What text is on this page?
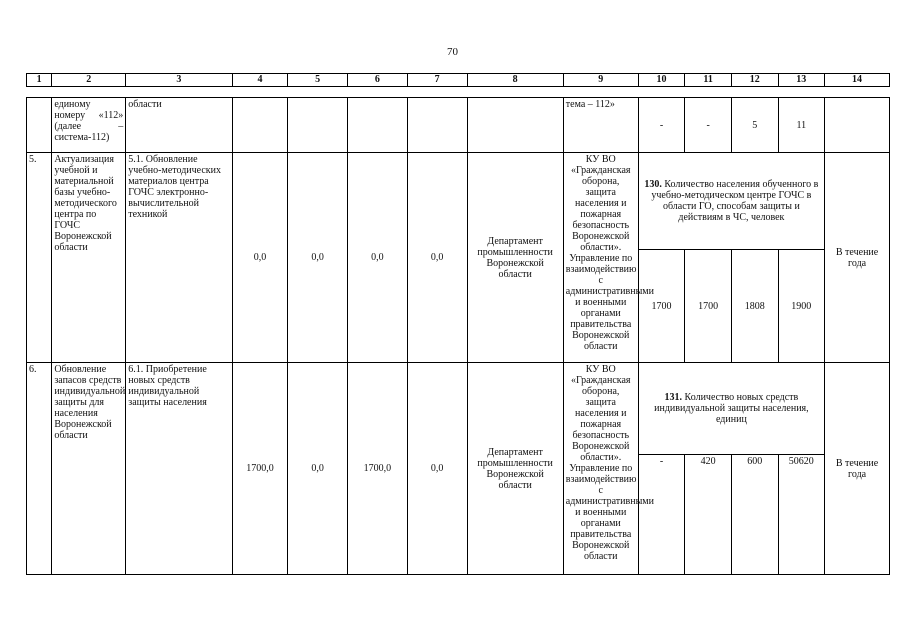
70
1	2	3	4	5	6	7	8	9	10	11	12	13	14

	единому номеру «112» (далее – система-112)	области						тема – 112»	-	-	5	11	
5.	Актуализация учебной и материальной базы учебно-методического центра по ГОЧС Воронежской области	5.1. Обновление учебно-методических материалов центра ГОЧС электронно-вычислительной техникой	0,0	0,0	0,0	0,0	Департамент промышленности Воронежской области	КУ ВО «Гражданская оборона, защита населения и пожарная безопасность Воронежской области». Управление по взаимодействию с административными и военными органами правительства Воронежской области	130. Количество населения обученного в учебно-методическом центре ГОЧС в области ГО, способам защиты и действиям в ЧС, человек				В течение года
									1700	1700	1808	1900	
6.	Обновление запасов средств индивидуальной защиты для населения Воронежской области	6.1. Приобретение новых средств индивидуальной защиты населения	1700,0	0,0	1700,0	0,0	Департамент промышленности Воронежской области	КУ ВО «Гражданская оборона, защита населения и пожарная безопасность Воронежской области». Управление по взаимодействию с административными и военными органами правительства Воронежской области	131. Количество новых средств индивидуальной защиты населения, единиц				В течение года
									-	420	600	50620	
